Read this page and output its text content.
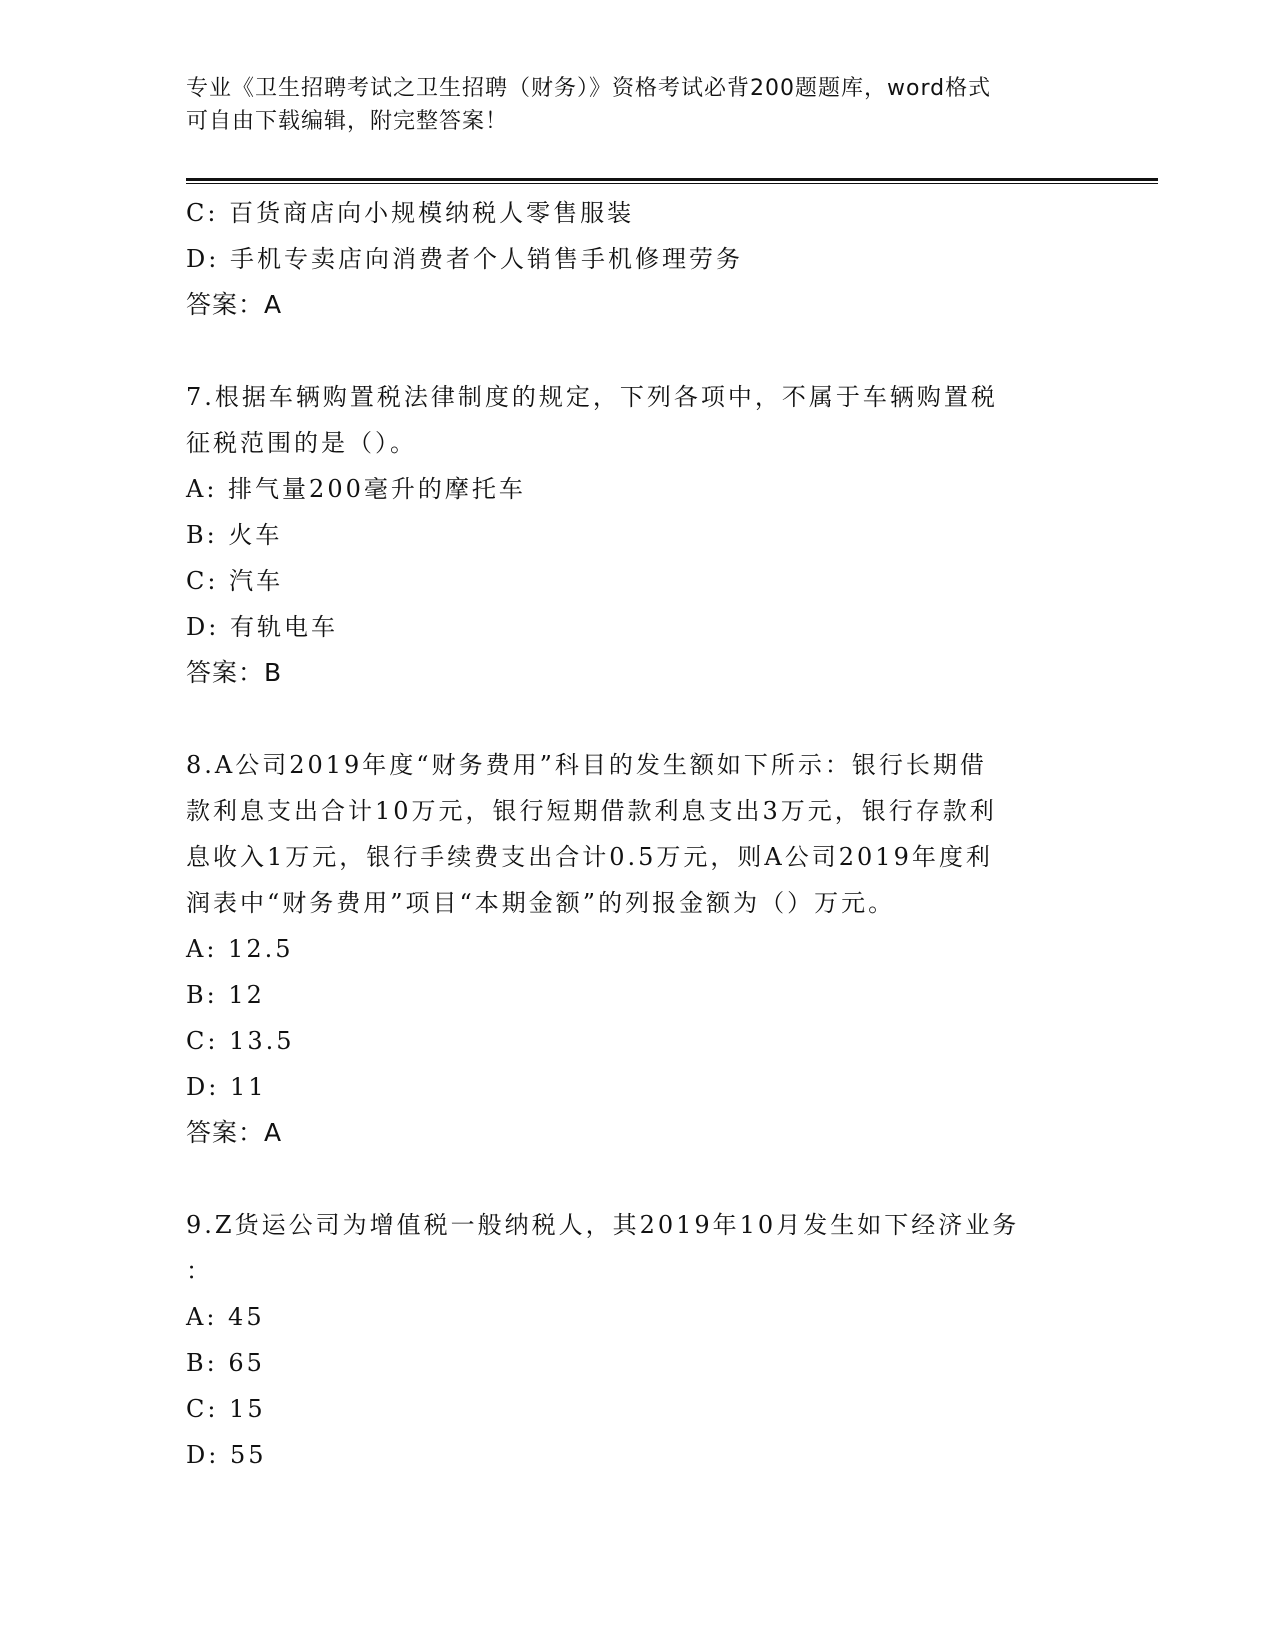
专业《卫生招聘考试之卫生招聘（财务）》资格考试必背200题题库，word格式
可自由下载编辑，附完整答案！
C: 百货商店向小规模纳税人零售服装
D: 手机专卖店向消费者个人销售手机修理劳务
答案：A
7.根据车辆购置税法律制度的规定，下列各项中，不属于车辆购置税
征税范围的是（）。
A: 排气量200毫升的摩托车
B: 火车
C: 汽车
D: 有轨电车
答案：B
8.A公司2019年度“财务费用”科目的发生额如下所示：银行长期借
款利息支出合计10万元，银行短期借款利息支出3万元，银行存款利
息收入1万元，银行手续费支出合计0.5万元，则A公司2019年度利
润表中“财务费用”项目“本期金额”的列报金额为（）万元。
A: 12.5
B: 12
C: 13.5
D: 11
答案：A
9.Z货运公司为增值税一般纳税人，其2019年10月发生如下经济业务
：
A: 45
B: 65
C: 15
D: 55
